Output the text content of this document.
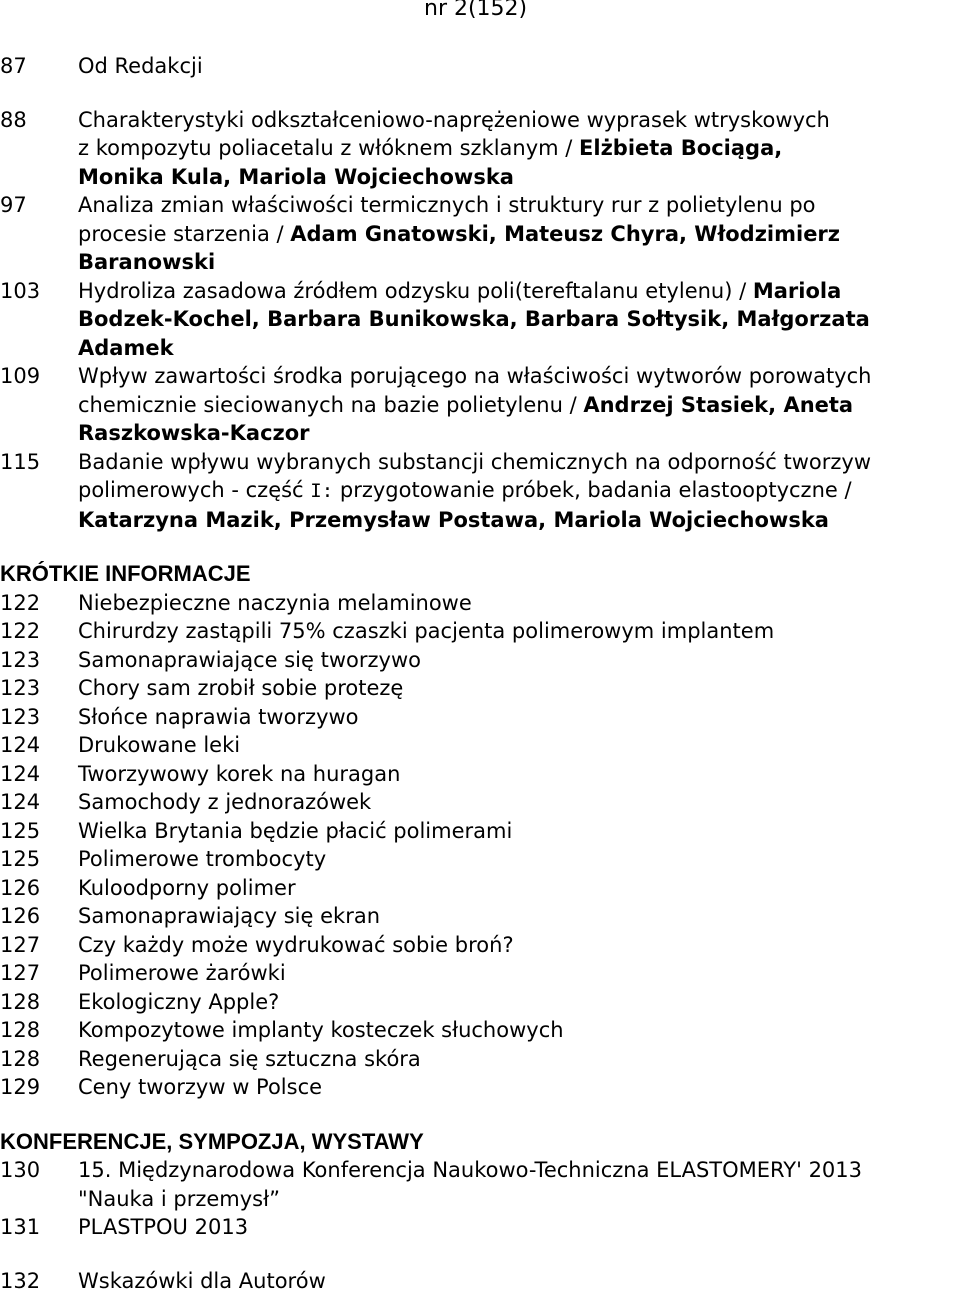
nr 2(152)
87 Od Redakcji
88 Charakterystyki odkształceniowo-naprężeniowe wyprasek wtryskowych
z kompozytu poliacetalu z włóknem szklanym / Elżbieta Bociąga,
Monika Kula, Mariola Wojciechowska
97 Analiza zmian właściwości termicznych i struktury rur z polietylenu po
procesie starzenia / Adam Gnatowski, Mateusz Chyra, Włodzimierz
Baranowski
103 Hydroliza zasadowa źródłem odzysku poli(tereftalanu etylenu) / Mariola
Bodzek-Kochel, Barbara Bunikowska, Barbara Sołtysik, Małgorzata
Adamek
109 Wpływ zawartości środka porującego na właściwości wytworów porowatych
chemicznie sieciowanych na bazie polietylenu / Andrzej Stasiek, Aneta
Raszkowska-Kaczor
115 Badanie wpływu wybranych substancji chemicznych na odporność tworzyw
polimerowych - część I: przygotowanie próbek, badania elastooptyczne /
Katarzyna Mazik, Przemysław Postawa, Mariola Wojciechowska
KRÓTKIE INFORMACJE
122 Niebezpieczne naczynia melaminowe
122 Chirurdzy zastąpili 75% czaszki pacjenta polimerowym implantem
123 Samonaprawiające się tworzywo
123 Chory sam zrobił sobie protezę
123 Słońce naprawia tworzywo
124 Drukowane leki
124 Tworzywowy korek na huragan
124 Samochody z jednorazówek
125 Wielka Brytania będzie płacić polimerami
125 Polimerowe trombocyty
126 Kuloodporny polimer
126 Samonaprawiający się ekran
127 Czy każdy może wydrukować sobie broń?
127 Polimerowe żarówki
128 Ekologiczny Apple?
128 Kompozytowe implanty kosteczek słuchowych
128 Regenerująca się sztuczna skóra
129 Ceny tworzyw w Polsce
KONFERENCJE, SYMPOZJA, WYSTAWY
130 15. Międzynarodowa Konferencja Naukowo-Techniczna ELASTOMERY' 2013
"Nauka i przemysł”
131 PLASTPOU 2013
132 Wskazówki dla Autorów
